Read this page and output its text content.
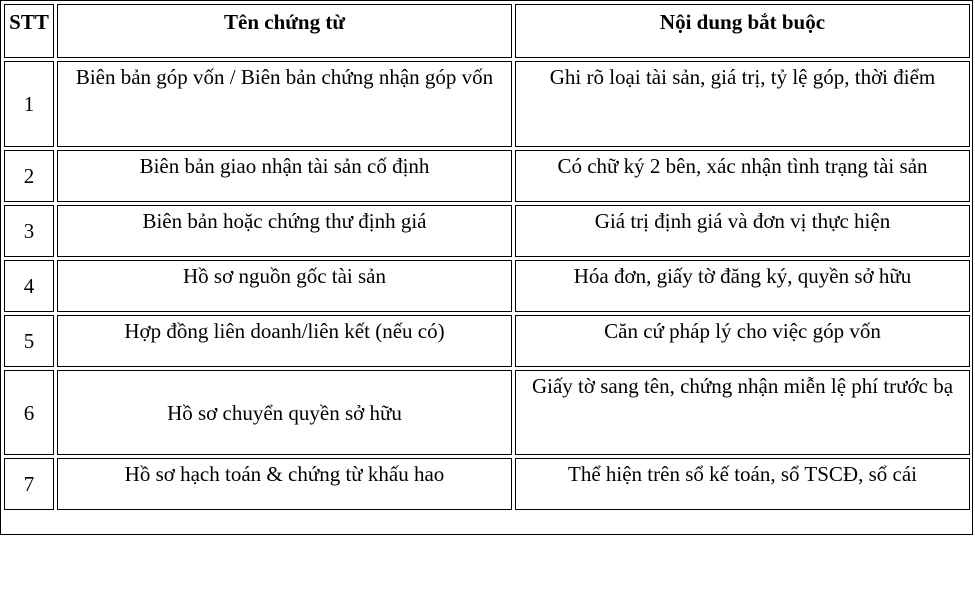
STT	Tên chứng từ	Nội dung bắt buộc
1	Biên bản góp vốn / Biên bản chứng nhận góp vốn	Ghi rõ loại tài sản, giá trị, tỷ lệ góp, thời điểm
2	Biên bản giao nhận tài sản cố định	Có chữ ký 2 bên, xác nhận tình trạng tài sản
3	Biên bản hoặc chứng thư định giá	Giá trị định giá và đơn vị thực hiện
4	Hồ sơ nguồn gốc tài sản	Hóa đơn, giấy tờ đăng ký, quyền sở hữu
5	Hợp đồng liên doanh/liên kết (nếu có)	Căn cứ pháp lý cho việc góp vốn
6	Hồ sơ chuyển quyền sở hữu	Giấy tờ sang tên, chứng nhận miễn lệ phí trước bạ
7	Hồ sơ hạch toán & chứng từ khấu hao	Thể hiện trên sổ kế toán, sổ TSCĐ, sổ cái
